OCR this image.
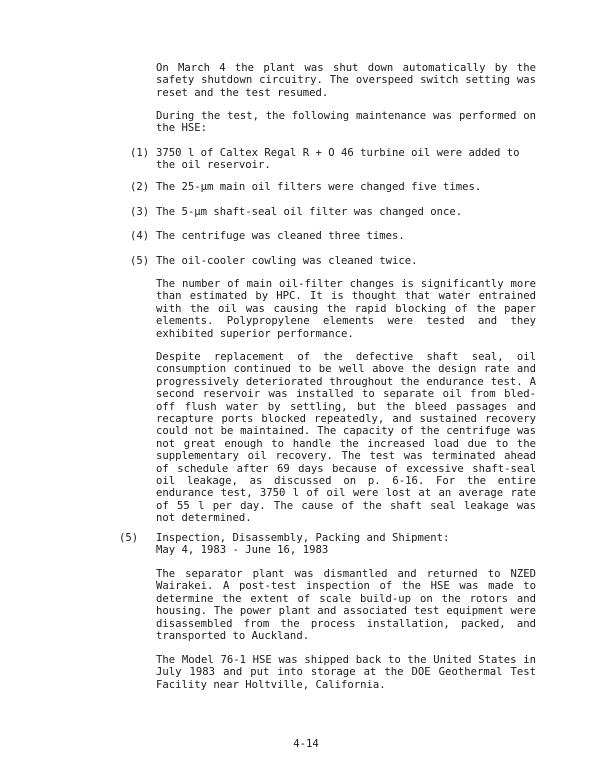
On March 4 the plant was shut down automatically by the safety shutdown circuitry. The overspeed switch setting was reset and the test resumed.
During the test, the following maintenance was performed on the HSE:
(1) 3750 l of Caltex Regal R + O 46 turbine oil were added to the oil reservoir.
(2) The 25-μm main oil filters were changed five times.
(3) The 5-μm shaft-seal oil filter was changed once.
(4) The centrifuge was cleaned three times.
(5) The oil-cooler cowling was cleaned twice.
The number of main oil-filter changes is significantly more than estimated by HPC. It is thought that water entrained with the oil was causing the rapid blocking of the paper elements. Polypropylene elements were tested and they exhibited superior performance.
Despite replacement of the defective shaft seal, oil consumption continued to be well above the design rate and progressively deteriorated throughout the endurance test. A second reservoir was installed to separate oil from bled-off flush water by settling, but the bleed passages and recapture ports blocked repeatedly, and sustained recovery could not be maintained. The capacity of the centrifuge was not great enough to handle the increased load due to the supplementary oil recovery. The test was terminated ahead of schedule after 69 days because of excessive shaft-seal oil leakage, as discussed on p. 6-16. For the entire endurance test, 3750 l of oil were lost at an average rate of 55 l per day. The cause of the shaft seal leakage was not determined.
(5) Inspection, Disassembly, Packing and Shipment:
May 4, 1983 - June 16, 1983
The separator plant was dismantled and returned to NZED Wairakei. A post-test inspection of the HSE was made to determine the extent of scale build-up on the rotors and housing. The power plant and associated test equipment were disassembled from the process installation, packed, and transported to Auckland.
The Model 76-1 HSE was shipped back to the United States in July 1983 and put into storage at the DOE Geothermal Test Facility near Holtville, California.
4-14
